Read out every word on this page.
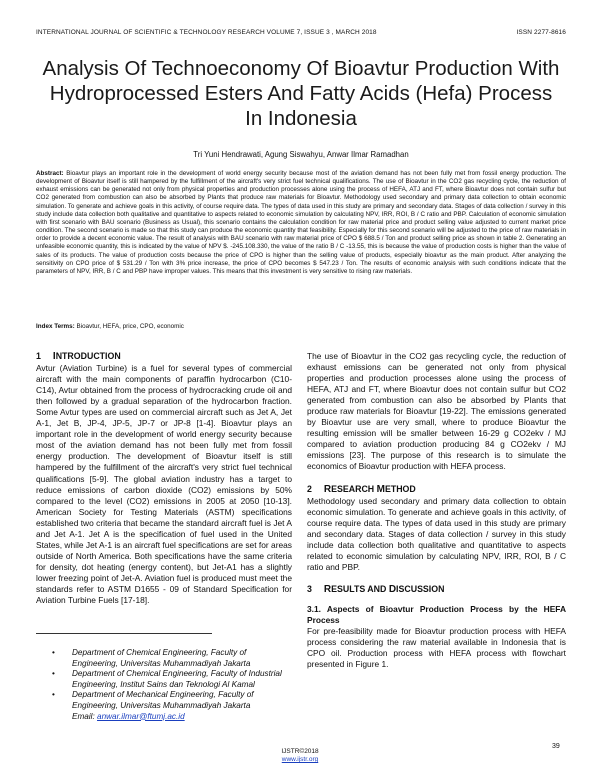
INTERNATIONAL JOURNAL OF SCIENTIFIC & TECHNOLOGY RESEARCH VOLUME 7, ISSUE 3 , MARCH 2018	ISSN 2277-8616
Analysis Of Technoeconomy Of Bioavtur Production With Hydroprocessed Esters And Fatty Acids (Hefa) Process In Indonesia
Tri Yuni Hendrawati, Agung Siswahyu, Anwar Ilmar Ramadhan
Abstract: Bioavtur plays an important role in the development of world energy security because most of the aviation demand has not been fully met from fossil energy production. The development of Bioavtur itself is still hampered by the fulfillment of the aircraft's very strict fuel technical qualifications. The use of Bioavtur in the CO2 gas recycling cycle, the reduction of exhaust emissions can be generated not only from physical properties and production processes alone using the process of HEFA, ATJ and FT, where Bioavtur does not contain sulfur but CO2 generated from combustion can also be absorbed by Plants that produce raw materials for Bioavtur. Methodology used secondary and primary data collection to obtain economic simulation. To generate and achieve goals in this activity, of course require data. The types of data used in this study are primary and secondary data. Stages of data collection / survey in this study include data collection both qualitative and quantitative to aspects related to economic simulation by calculating NPV, IRR, ROI, B / C ratio and PBP. Calculation of economic simulation with first scenario with BAU scenario (Business as Usual), this scenario contains the calculation condition for raw material price and product selling value adjusted to current market price condition. The second scenario is made so that this study can produce the economic quantity that feasibility. Especially for this second scenario will be adjusted to the price of raw materials in order to provide a decent economic value. The result of analysis with BAU scenario with raw material price of CPO $ 688.5 / Ton and product selling price as shown in table 2. Generating an unfeasible economic quantity, this is indicated by the value of NPV $. -245.108.330, the value of the ratio B / C -13.55, this is because the value of production costs is higher than the value of sales of its products. The value of production costs because the price of CPO is higher than the selling value of products, especially bioavtur as the main product. After analyzing the sensitivity on CPO price of $ 531.29 / Ton with 3% price increase, the price of CPO becomes $ 547.23 / Ton. The results of economic analysis with such conditions indicate that the parameters of NPV, IRR, B / C and PBP have improper values. This means that this investment is very sensitive to rising raw materials.
Index Terms: Bioavtur, HEFA, price, CPO, economic
1 INTRODUCTION

Avtur (Aviation Turbine) is a fuel for several types of commercial aircraft with the main components of paraffin hydrocarbon (C10-C14), Avtur obtained from the process of hydrocracking crude oil and then followed by a gradual separation of the hydrocarbon fraction. Some Avtur types are used on commercial aircraft such as Jet A, Jet A-1, Jet B, JP-4, JP-5, JP-7 or JP-8 [1-4]. Bioavtur plays an important role in the development of world energy security because most of the aviation demand has not been fully met from fossil energy production. The development of Bioavtur itself is still hampered by the fulfillment of the aircraft's very strict fuel technical qualifications [5-9]. The global aviation industry has a target to reduce emissions of carbon dioxide (CO2) emissions by 50% compared to the level (CO2) emissions in 2005 at 2050 [10-13]. American Society for Testing Materials (ASTM) specifications established two criteria that became the standard aircraft fuel is Jet A and Jet A-1. Jet A is the specification of fuel used in the United States, while Jet A-1 is an aircraft fuel specifications are set for areas outside of North America. Both specifications have the same criteria for density, dot heating (energy content), but Jet-A1 has a slightly lower freezing point of Jet-A. Aviation fuel is produced must meet the standards refer to ASTM D1655 - 09 of Standard Specification for Aviation Turbine Fuels [17-18].

• Department of Chemical Engineering, Faculty of Engineering, Universitas Muhammadiyah Jakarta
• Department of Chemical Engineering, Faculty of Industrial Engineering, Institut Sains dan Teknologi Al Kamal
• Department of Mechanical Engineering, Faculty of Engineering, Universitas Muhammadiyah Jakarta
Email: anwar.ilmar@ftumj.ac.id

The use of Bioavtur in the CO2 gas recycling cycle, the reduction of exhaust emissions can be generated not only from physical properties and production processes alone using the process of HEFA, ATJ and FT, where Bioavtur does not contain sulfur but CO2 generated from combustion can also be absorbed by Plants that produce raw materials for Bioavtur [19-22]. The emissions generated by Bioavtur use are very small, where to produce Bioavtur the resulting emission will be smaller between 16-29 g CO2ekv / MJ compared to aviation production producing 84 g CO2ekv / MJ emissions [23]. The purpose of this research is to simulate the economics of Bioavtur production with HEFA process.

2 RESEARCH METHOD

Methodology used secondary and primary data collection to obtain economic simulation. To generate and achieve goals in this activity, of course require data. The types of data used in this study are primary and secondary data. Stages of data collection / survey in this study include data collection both qualitative and quantitative to aspects related to economic simulation by calculating NPV, IRR, ROI, B / C ratio and PBP.

3 RESULTS AND DISCUSSION

3.1. Aspects of Bioavtur Production Process by the HEFA Process

For pre-feasibility made for Bioavtur production process with HEFA process considering the raw material available in Indonesia that is CPO oil. Production process with HEFA process with flowchart presented in Figure 1.

39
IJSTR©2018
www.ijstr.org
